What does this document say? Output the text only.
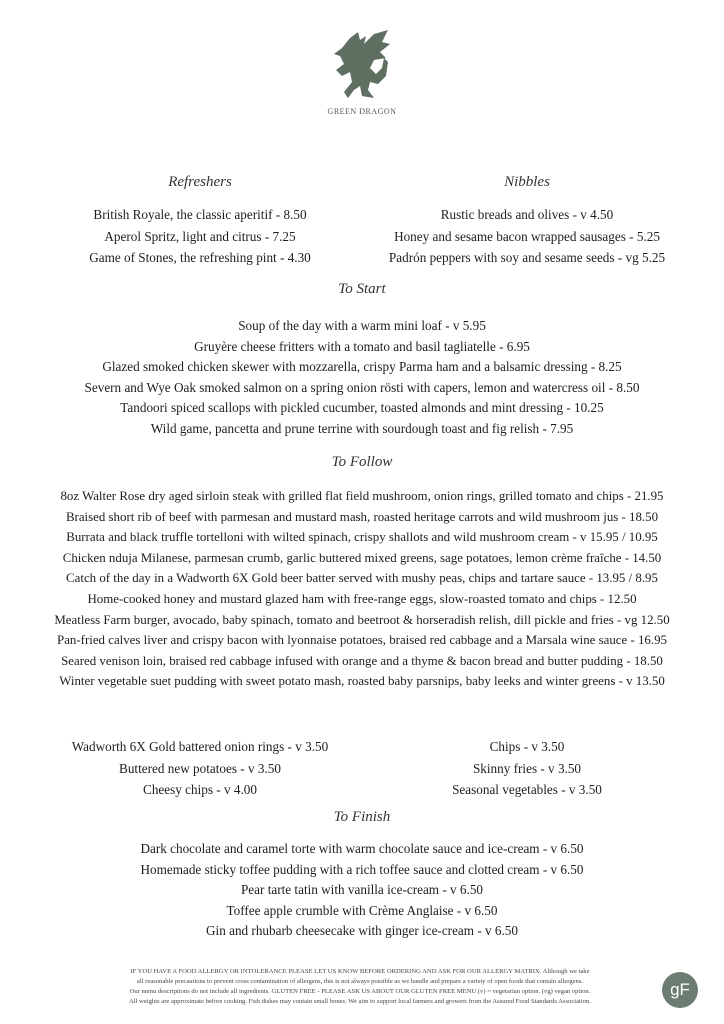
GREEN DRAGON
Refreshers	Nibbles
British Royale, the classic aperitif - 8.50
Aperol Spritz, light and citrus - 7.25
Game of Stones, the refreshing pint - 4.30
Rustic breads and olives - v 4.50
Honey and sesame bacon wrapped sausages - 5.25
Padrón peppers with soy and sesame seeds - vg 5.25
To Start
Soup of the day with a warm mini loaf - v 5.95
Gruyère cheese fritters with a tomato and basil tagliatelle - 6.95
Glazed smoked chicken skewer with mozzarella, crispy Parma ham and a balsamic dressing - 8.25
Severn and Wye Oak smoked salmon on a spring onion rösti with capers, lemon and watercress oil - 8.50
Tandoori spiced scallops with pickled cucumber, toasted almonds and mint dressing - 10.25
Wild game, pancetta and prune terrine with sourdough toast and fig relish - 7.95
To Follow
8oz Walter Rose dry aged sirloin steak with grilled flat field mushroom, onion rings, grilled tomato and chips - 21.95
Braised short rib of beef with parmesan and mustard mash, roasted heritage carrots and wild mushroom jus - 18.50
Burrata and black truffle tortelloni with wilted spinach, crispy shallots and wild mushroom cream - v 15.95 / 10.95
Chicken nduja Milanese, parmesan crumb, garlic buttered mixed greens, sage potatoes, lemon crème fraîche - 14.50
Catch of the day in a Wadworth 6X Gold beer batter served with mushy peas, chips and tartare sauce - 13.95 / 8.95
Home-cooked honey and mustard glazed ham with free-range eggs, slow-roasted tomato and chips - 12.50
Meatless Farm burger, avocado, baby spinach, tomato and beetroot & horseradish relish, dill pickle and fries - vg 12.50
Pan-fried calves liver and crispy bacon with lyonnaise potatoes, braised red cabbage and a Marsala wine sauce - 16.95
Seared venison loin, braised red cabbage infused with orange and a thyme & bacon bread and butter pudding - 18.50
Winter vegetable suet pudding with sweet potato mash, roasted baby parsnips, baby leeks and winter greens - v 13.50
Wadworth 6X Gold battered onion rings - v 3.50
Buttered new potatoes - v 3.50
Cheesy chips - v 4.00
Chips - v 3.50
Skinny fries - v 3.50
Seasonal vegetables - v 3.50
To Finish
Dark chocolate and caramel torte with warm chocolate sauce and ice-cream - v 6.50
Homemade sticky toffee pudding with a rich toffee sauce and clotted cream - v 6.50
Pear tarte tatin with vanilla ice-cream - v 6.50
Toffee apple crumble with Crème Anglaise - v 6.50
Gin and rhubarb cheesecake with ginger ice-cream - v 6.50
IF YOU HAVE A FOOD ALLERGY OR INTOLERANCE PLEASE LET US KNOW BEFORE ORDERING AND ASK FOR OUR ALLERGY MATRIX. Although we take
all reasonable precautions to prevent cross contamination of allergens, this is not always possible as we handle and prepare a variety of open foods that contain allergens.
Our menu descriptions do not include all ingredients. GLUTEN FREE - PLEASE ASK US ABOUT OUR GLUTEN FREE MENU (v) = vegetarian option. (vg) vegan option.
All weights are approximate before cooking. Fish dishes may contain small bones. We aim to support local farmers and growers from the Assured Food Standards Association.
gF
